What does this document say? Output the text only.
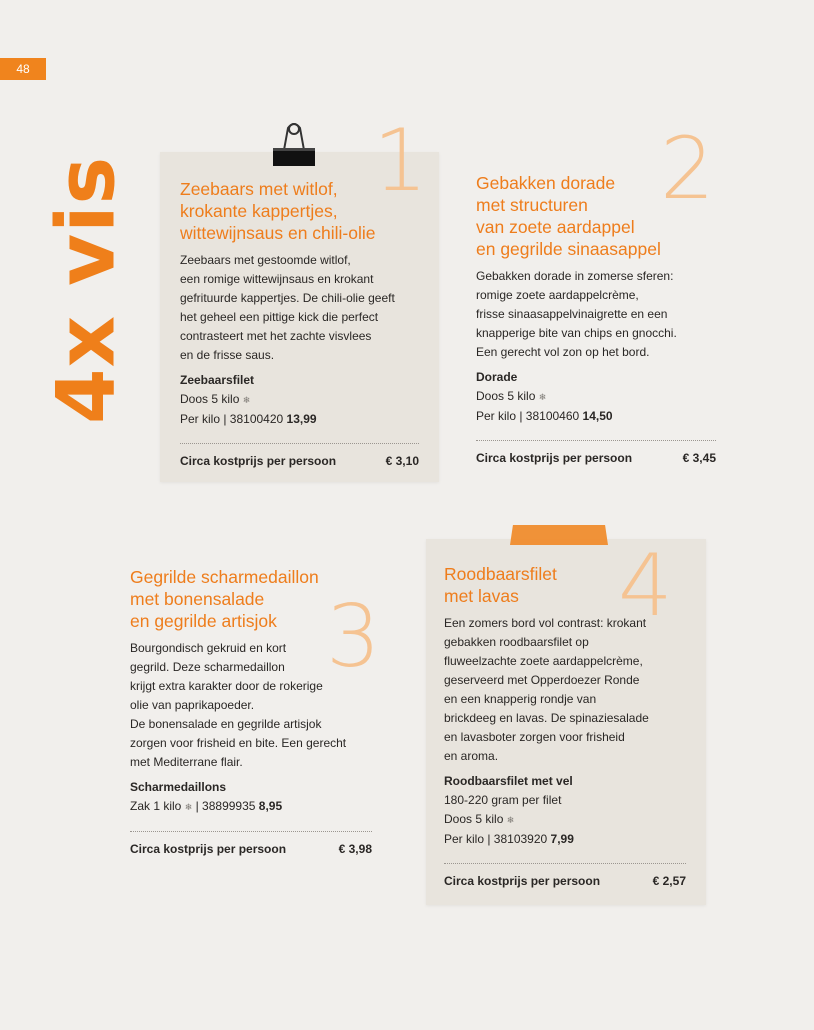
48
4x vis	1
Zeebaars met witlof,
krokante kappertjes,
wittewijnsaus en chili-olie
Zeebaars met gestoomde witlof,
een romige wittewijnsaus en krokant
gefrituurde kappertjes. De chili-olie geeft
het geheel een pittige kick die perfect
contrasteert met het zachte visvlees
en de frisse saus.
Zeebaarsfilet
Doos 5 kilo ❄
Per kilo | 38100420 13,99
Circa kostprijs per persoon	€ 3,10
2
Gebakken dorade
met structuren
van zoete aardappel
en gegrilde sinaasappel
Gebakken dorade in zomerse sferen:
romige zoete aardappelcrème,
frisse sinaasappelvinaigrette en een
knapperige bite van chips en gnocchi.
Een gerecht vol zon op het bord.
Dorade
Doos 5 kilo ❄
Per kilo | 38100460 14,50
Circa kostprijs per persoon	€ 3,45
3
Gegrilde scharmedaillon
met bonensalade
en gegrilde artisjok
Bourgondisch gekruid en kort
gegrild. Deze scharmedaillon
krijgt extra karakter door de rokerige
olie van paprikapoeder.
De bonensalade en gegrilde artisjok
zorgen voor frisheid en bite. Een gerecht
met Mediterrane flair.
Scharmedaillons
Zak 1 kilo ❄ | 38899935 8,95
Circa kostprijs per persoon	€ 3,98
4
Roodbaarsfilet
met lavas
Een zomers bord vol contrast: krokant
gebakken roodbaarsfilet op
fluweelzachte zoete aardappelcrème,
geserveerd met Opperdoezer Ronde
en een knapperig rondje van
brickdeeg en lavas. De spinaziesalade
en lavasboter zorgen voor frisheid
en aroma.
Roodbaarsfilet met vel
180-220 gram per filet
Doos 5 kilo ❄
Per kilo | 38103920 7,99
Circa kostprijs per persoon	€ 2,57
